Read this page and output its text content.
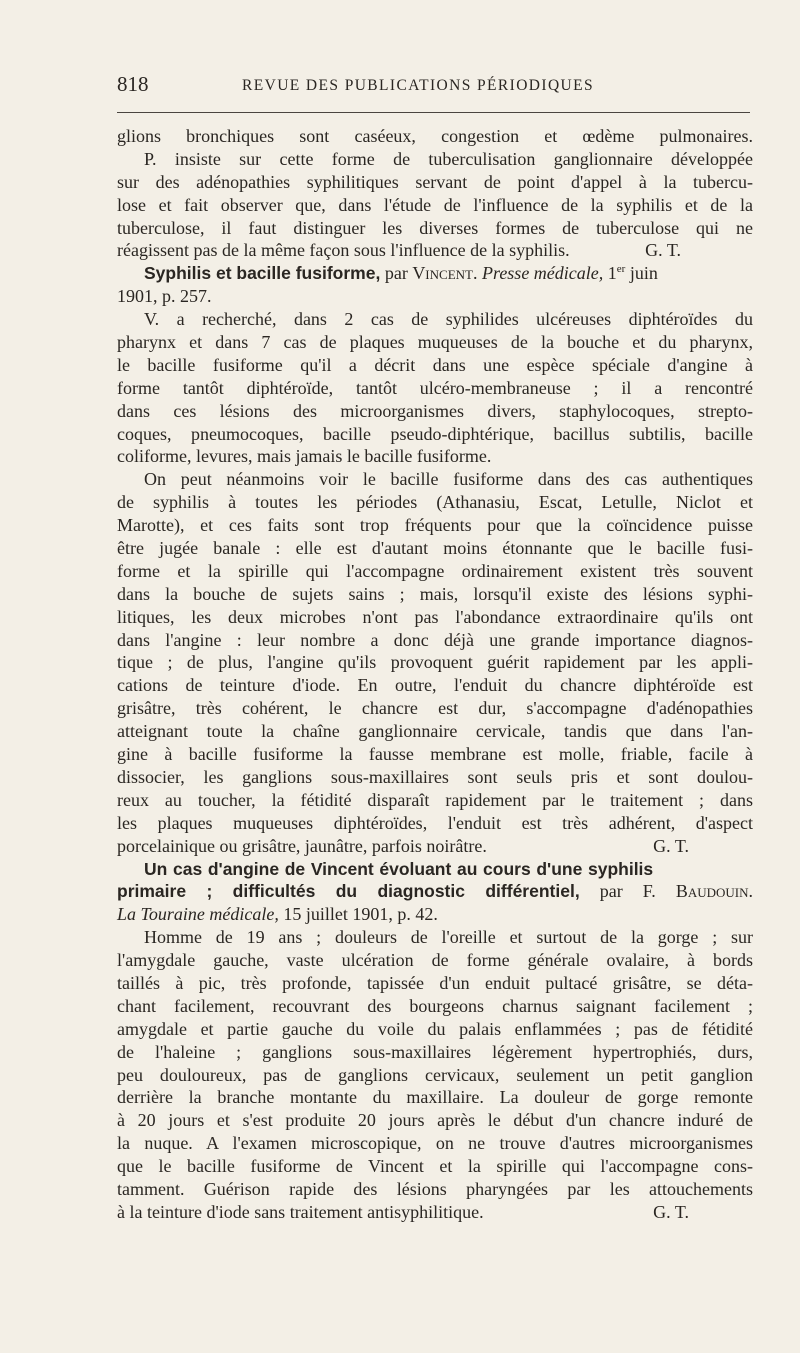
818	REVUE DES PUBLICATIONS PÉRIODIQUES
glions bronchiques sont caséeux, congestion et œdème pulmonaires.
P. insiste sur cette forme de tuberculisation ganglionnaire développée
sur des adénopathies syphilitiques servant de point d'appel à la tubercu-
lose et fait observer que, dans l'étude de l'influence de la syphilis et de la
tuberculose, il faut distinguer les diverses formes de tuberculose qui ne
réagissent pas de la même façon sous l'influence de la syphilis.	G. T.
Syphilis et bacille fusiforme, par Vincent. Presse médicale, 1er juin
1901, p. 257.
V. a recherché, dans 2 cas de syphilides ulcéreuses diphtéroïdes du
pharynx et dans 7 cas de plaques muqueuses de la bouche et du pharynx,
le bacille fusiforme qu'il a décrit dans une espèce spéciale d'angine à
forme tantôt diphtéroïde, tantôt ulcéro-membraneuse ; il a rencontré
dans ces lésions des microorganismes divers, staphylocoques, strepto-
coques, pneumocoques, bacille pseudo-diphtérique, bacillus subtilis, bacille
coliforme, levures, mais jamais le bacille fusiforme.
On peut néanmoins voir le bacille fusiforme dans des cas authentiques
de syphilis à toutes les périodes (Athanasiu, Escat, Letulle, Niclot et
Marotte), et ces faits sont trop fréquents pour que la coïncidence puisse
être jugée banale : elle est d'autant moins étonnante que le bacille fusi-
forme et la spirille qui l'accompagne ordinairement existent très souvent
dans la bouche de sujets sains ; mais, lorsqu'il existe des lésions syphi-
litiques, les deux microbes n'ont pas l'abondance extraordinaire qu'ils ont
dans l'angine : leur nombre a donc déjà une grande importance diagnos-
tique ; de plus, l'angine qu'ils provoquent guérit rapidement par les appli-
cations de teinture d'iode. En outre, l'enduit du chancre diphtéroïde est
grisâtre, très cohérent, le chancre est dur, s'accompagne d'adénopathies
atteignant toute la chaîne ganglionnaire cervicale, tandis que dans l'an-
gine à bacille fusiforme la fausse membrane est molle, friable, facile à
dissocier, les ganglions sous-maxillaires sont seuls pris et sont doulou-
reux au toucher, la fétidité disparaît rapidement par le traitement ; dans
les plaques muqueuses diphtéroïdes, l'enduit est très adhérent, d'aspect
porcelainique ou grisâtre, jaunâtre, parfois noirâtre.	G. T.
Un cas d'angine de Vincent évoluant au cours d'une syphilis
primaire ; difficultés du diagnostic différentiel, par F. Baudouin.
La Touraine médicale, 15 juillet 1901, p. 42.
Homme de 19 ans ; douleurs de l'oreille et surtout de la gorge ; sur
l'amygdale gauche, vaste ulcération de forme générale ovalaire, à bords
taillés à pic, très profonde, tapissée d'un enduit pultacé grisâtre, se déta-
chant facilement, recouvrant des bourgeons charnus saignant facilement ;
amygdale et partie gauche du voile du palais enflammées ; pas de fétidité
de l'haleine ; ganglions sous-maxillaires légèrement hypertrophiés, durs,
peu douloureux, pas de ganglions cervicaux, seulement un petit ganglion
derrière la branche montante du maxillaire. La douleur de gorge remonte
à 20 jours et s'est produite 20 jours après le début d'un chancre induré de
la nuque. A l'examen microscopique, on ne trouve d'autres microorganismes
que le bacille fusiforme de Vincent et la spirille qui l'accompagne cons-
tamment. Guérison rapide des lésions pharyngées par les attouchements
à la teinture d'iode sans traitement antisyphilitique.	G. T.
